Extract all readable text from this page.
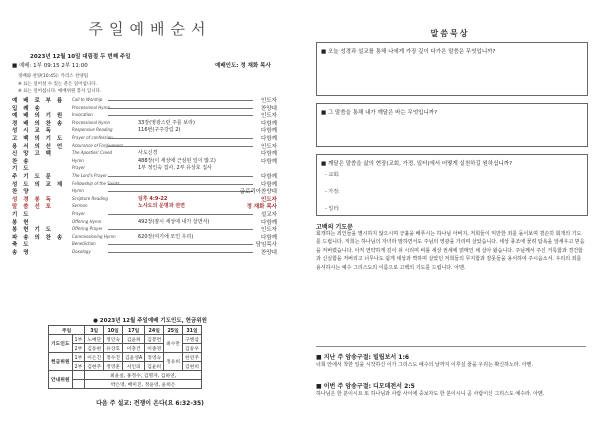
주일예배순서
2023년 12월 10일 대림절 두 번째 주일
■ 예배: 1부 09:15 2부 11:00	예배인도: 정 재화 목사
경배와 찬양(10:45): 카리스 찬양팀
※ 표는 일어설 수 있는 분은 일어섭니다.
※ 표는 일어섭니다. 예배위원 봉사 입니다.
예 배 로 부 름 Call to Worship	인도자
입 례 송	Processional Hymn	찬양대
예 배 의 기 원 Invocation	인도자
경 배 의 찬 송 Processional Hymn	33장(영광스런 주를 보라)	다함께
성 시 교 독	Responsive Reading	116번(구주강림 2)	다함께
고 백 의 기 도 Prayer of confession	다함께
용 서 의 선 언 Assurance of Forgiveness	인도자
신 앙 고 백	The Apostles' Creed	사도신경	다함께
찬 송	Hymn	488장(이 세상에 근심된 일이 많고)	다함께
기 도	Prayer	1부 정인숙 집사, 2부 유상호 집사
주 기 도 문	The Lord's Prayer	다함께
성 도 의 교 제 Fellowship of the Saints	다함께
찬 양	Hymn	글로리아찬양대
성 경 봉 독	Scripture Reading	딤후 4:9-22	인도자
말 씀 선 포	Sermon	노사도의 운명과 권면	정 재화 목사
기 도	Prayer	설교자
봉 헌	Offering Hymn	492장(잠시 세상에 내가 살면서)	다함께
봉 헌 기 도	Offering Prayer	인도자
파 송 의 찬 송 Commissioning Hymn	620장(여기에 모인 우리)	다함께
축 도	Benediction	담임목사
송 영	Doxology	찬양대
● 2023년 12월 주일예배 기도인도, 헌금위원
주일		3일	10일	17일	24일	25일	31일
기도인도	1부	노예단	정인숙	김윤희	김봉련	최수만	구병삼
	2부	김동현	유상호	이충건	이종영		김송우
헌금위원	1부	이은진	정수진	김윤영A	정영숙	정유희	한연주
	2부	김현주	정영훈	서인의	김윤희		김현희
안내위원		최윤실, 홍정수, 김명자, 김하연,					
		박은영, 배미진, 정윤영, 윤희은					
다음 주 설교: 전쟁이 온다(요 6:32-35)
말씀묵상
■ 오늘 성경과 설교를 통해 나에게 가장 깊이 다가온 말씀은 무엇입니까?
■ 그 말씀을 통해 내가 깨달은 바는 무엇입니까?
■ 깨달은 말씀을 삶의 현장(교회, 가정, 일터)에서 어떻게 실천하길 원하십니까?
- 교회:
- 가정:
- 일터:
고백의 기도문
회개하는 죄인들을 멸시하지 않으시며 긍휼을 베푸시는 하나님 아버지, 저희들이 익만한 죄를 돌이보며 겸손히 회개의 기도를 드립니다. 저희는 하나님의 자녀라 말하면서도 주님의 영광을 가리며 살았습니다. 세상 풍조에 물려 탐욕을 앞세우고 믿음을 저버렸습니다. 아직 연약하게 깊이 쉬 시리며 비틀 세상 권세에 얽매인 채 살아 왔습니다. 주님께서 주신 거룩함과 경건함과 신실함을 저버리고 너무나도 쉽게 세상과 짝하며 살았던 저희들의 무지함과 잘못들을 용서하여 주시옵소서. 우리의 죄를 용서하시는 예수 그리스도의 이름으로 고백의 기도를 드립니다. 아멘.
■ 지난 주 암송구절: 빌립보서 1:6
너희 안에서 착한 일을 시작하신 이가 그리스도 예수의 날까지 이루실 줄을 우리는 확신하노라. 아멘.
■ 이번 주 암송구절: 디모데전서 2:5
하나님은 한 분이시요 또 하나님과 사람 사이에 중보자도 한 분이시니 곧 사람이신 그리스도 예수라. 아멘.
